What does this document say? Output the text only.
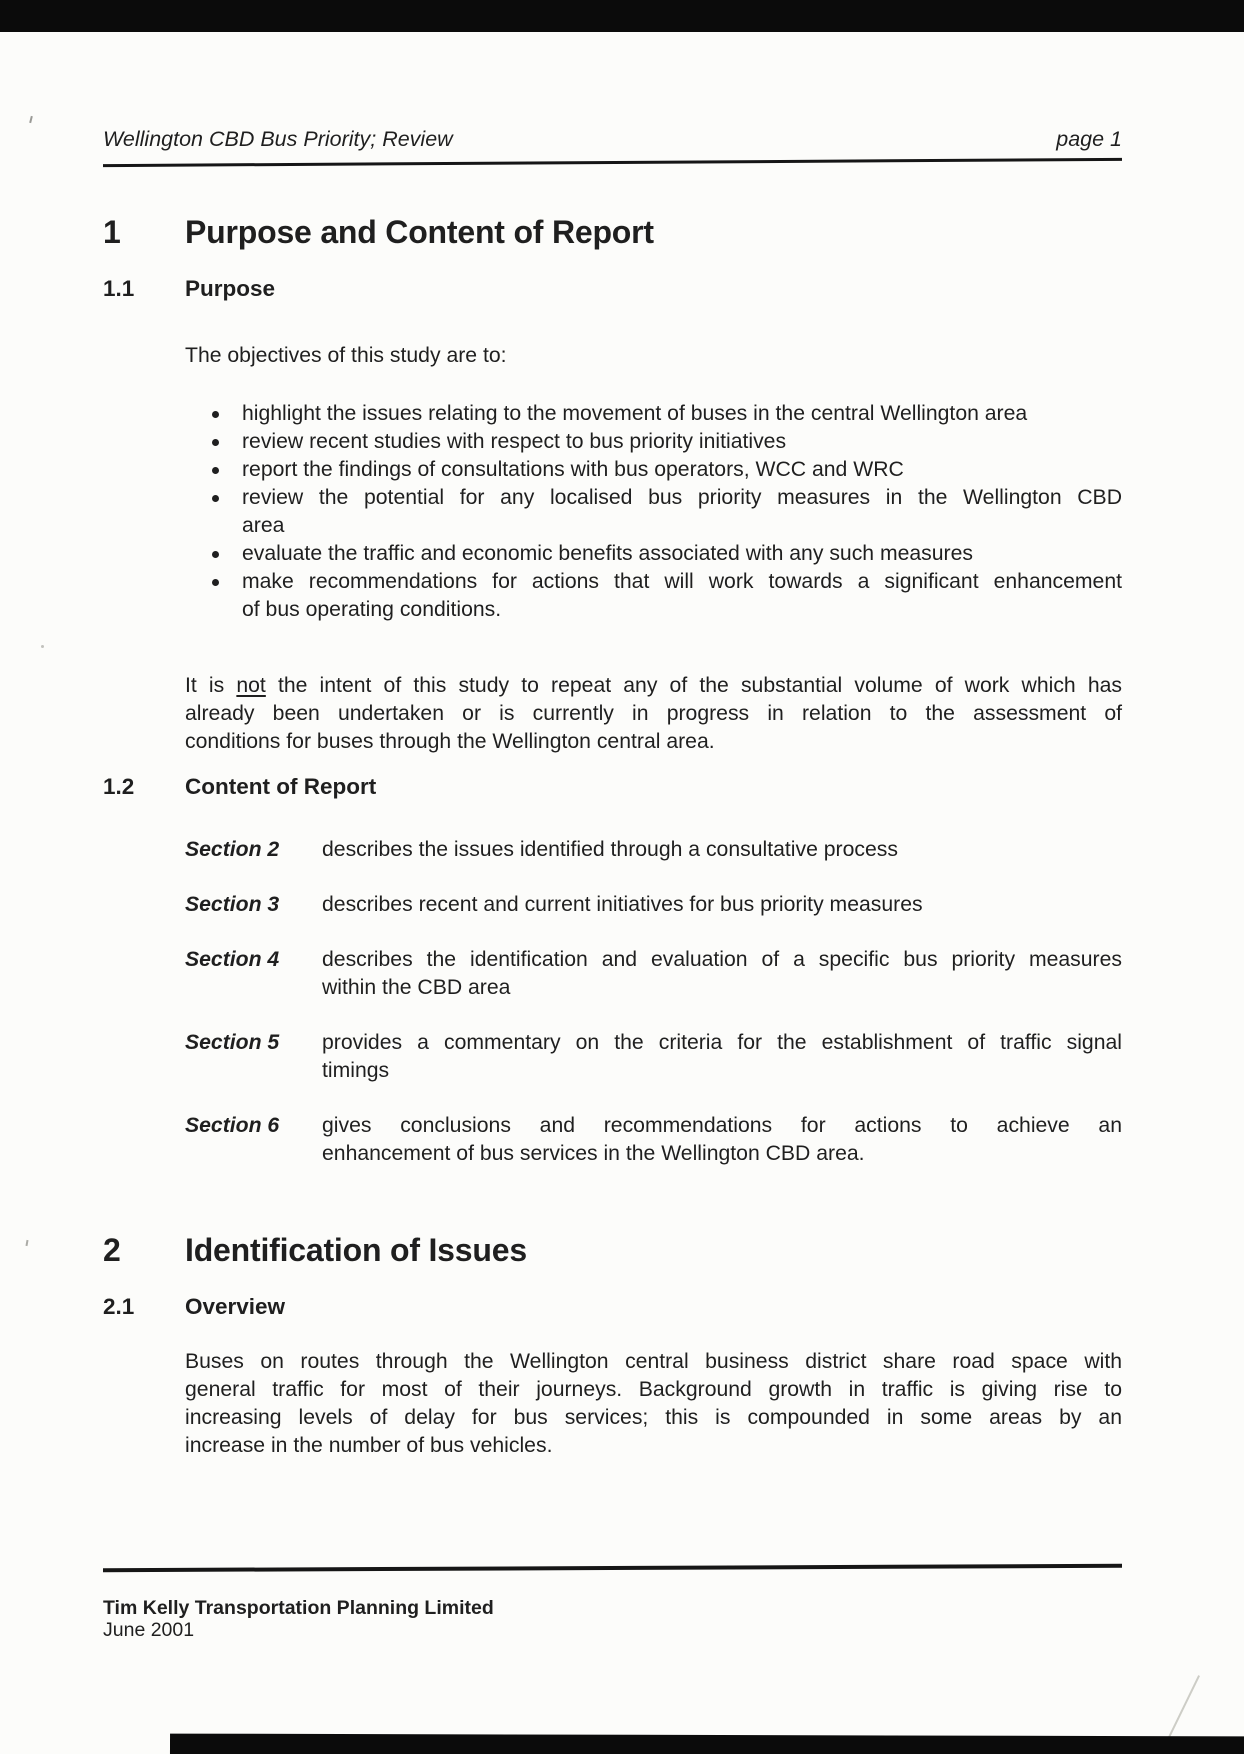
Wellington CBD Bus Priority; Review	page 1
1	Purpose and Content of Report
1.1	Purpose
The objectives of this study are to:
highlight the issues relating to the movement of buses in the central Wellington area
review recent studies with respect to bus priority initiatives
report the findings of consultations with bus operators, WCC and WRC
review the potential for any localised bus priority measures in the Wellington CBD
area
evaluate the traffic and economic benefits associated with any such measures
make recommendations for actions that will work towards a significant enhancement
of bus operating conditions.
It is not the intent of this study to repeat any of the substantial volume of work which has
already been undertaken or is currently in progress in relation to the assessment of
conditions for buses through the Wellington central area.
1.2	Content of Report
Section 2	describes the issues identified through a consultative process
Section 3	describes recent and current initiatives for bus priority measures
Section 4	describes the identification and evaluation of a specific bus priority measures
within the CBD area
Section 5	provides a commentary on the criteria for the establishment of traffic signal
timings
Section 6	gives conclusions and recommendations for actions to achieve an
enhancement of bus services in the Wellington CBD area.
2	Identification of Issues
2.1	Overview
Buses on routes through the Wellington central business district share road space with
general traffic for most of their journeys. Background growth in traffic is giving rise to
increasing levels of delay for bus services; this is compounded in some areas by an
increase in the number of bus vehicles.
Tim Kelly Transportation Planning Limited
June 2001
